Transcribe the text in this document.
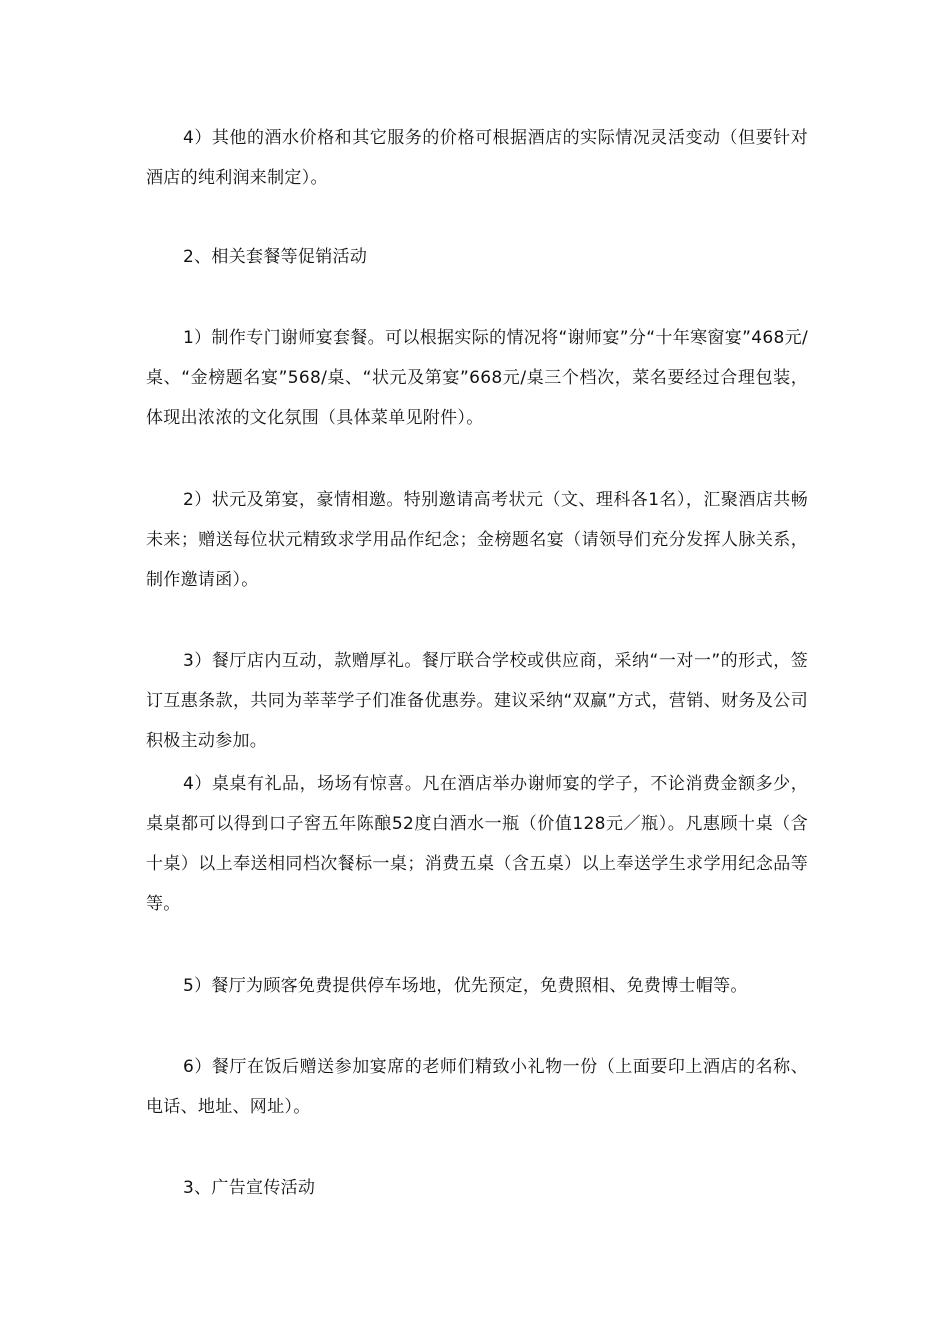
4）其他的酒水价格和其它服务的价格可根据酒店的实际情况灵活变动（但要针对酒店的纯利润来制定）。

2、相关套餐等促销活动

1）制作专门谢师宴套餐。可以根据实际的情况将“谢师宴”分“十年寒窗宴”468元/桌、“金榜题名宴”568/桌、“状元及第宴”668元/桌三个档次，菜名要经过合理包装，体现出浓浓的文化氛围（具体菜单见附件）。

2）状元及第宴，豪情相邀。特别邀请高考状元（文、理科各1名），汇聚酒店共畅未来；赠送每位状元精致求学用品作纪念；金榜题名宴（请领导们充分发挥人脉关系，制作邀请函）。

3）餐厅店内互动，款赠厚礼。餐厅联合学校或供应商，采纳“一对一”的形式，签订互惠条款，共同为莘莘学子们准备优惠券。建议采纳“双赢”方式，营销、财务及公司积极主动参加。

4）桌桌有礼品，场场有惊喜。凡在酒店举办谢师宴的学子，不论消费金额多少，桌桌都可以得到口子窖五年陈酿52度白酒水一瓶（价值128元／瓶）。凡惠顾十桌（含十桌）以上奉送相同档次餐标一桌；消费五桌（含五桌）以上奉送学生求学用纪念品等等。

5）餐厅为顾客免费提供停车场地，优先预定，免费照相、免费博士帽等。

6）餐厅在饭后赠送参加宴席的老师们精致小礼物一份（上面要印上酒店的名称、电话、地址、网址）。

3、广告宣传活动
